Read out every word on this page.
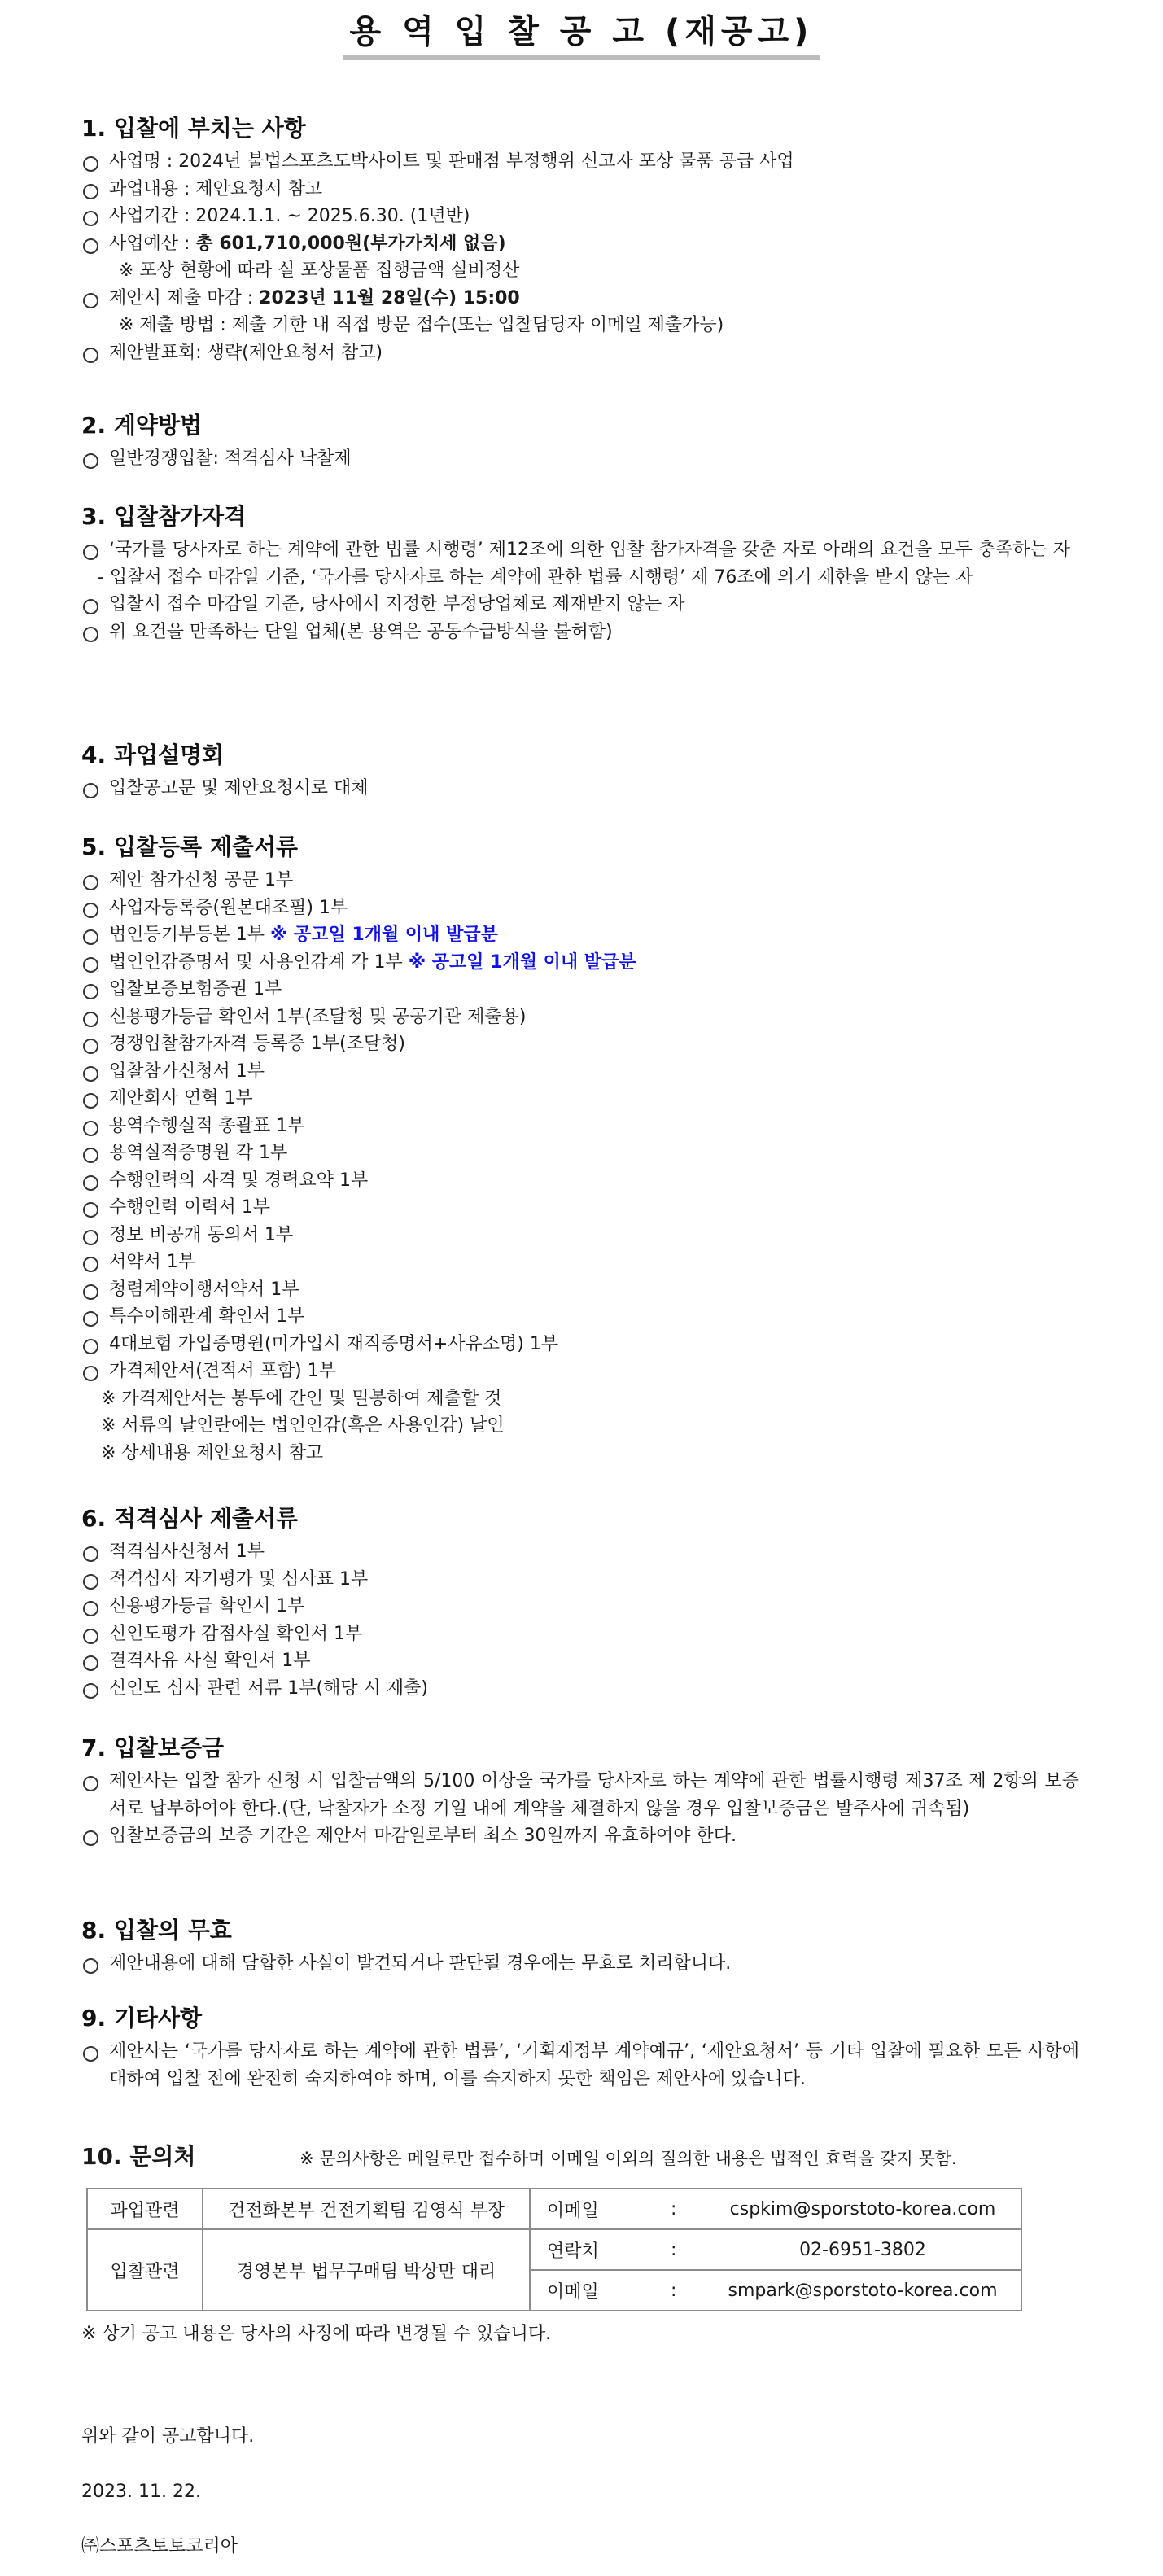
용 역 입 찰 공 고 (재공고)
1. 입찰에 부치는 사항
사업명 : 2024년 불법스포츠도박사이트 및 판매점 부정행위 신고자 포상 물품 공급 사업
과업내용 : 제안요청서 참고
사업기간 : 2024.1.1. ~ 2025.6.30. (1년반)
사업예산 : 총 601,710,000원(부가가치세 없음)
※ 포상 현황에 따라 실 포상물품 집행금액 실비정산
제안서 제출 마감 : 2023년 11월 28일(수) 15:00
※ 제출 방법 : 제출 기한 내 직접 방문 접수(또는 입찰담당자 이메일 제출가능)
제안발표회: 생략(제안요청서 참고)
2. 계약방법
일반경쟁입찰: 적격심사 낙찰제
3. 입찰참가자격
‘국가를 당사자로 하는 계약에 관한 법률 시행령’ 제12조에 의한 입찰 참가자격을 갖춘 자로 아래의 요건을 모두 충족하는 자
- 입찰서 접수 마감일 기준, ‘국가를 당사자로 하는 계약에 관한 법률 시행령’ 제 76조에 의거 제한을 받지 않는 자
입찰서 접수 마감일 기준, 당사에서 지정한 부정당업체로 제재받지 않는 자
위 요건을 만족하는 단일 업체(본 용역은 공동수급방식을 불허함)
4. 과업설명회
입찰공고문 및 제안요청서로 대체
5. 입찰등록 제출서류
제안 참가신청 공문 1부
사업자등록증(원본대조필) 1부
법인등기부등본 1부 ※ 공고일 1개월 이내 발급분
법인인감증명서 및 사용인감계 각 1부 ※ 공고일 1개월 이내 발급분
입찰보증보험증권 1부
신용평가등급 확인서 1부(조달청 및 공공기관 제출용)
경쟁입찰참가자격 등록증 1부(조달청)
입찰참가신청서 1부
제안회사 연혁 1부
용역수행실적 총괄표 1부
용역실적증명원 각 1부
수행인력의 자격 및 경력요약 1부
수행인력 이력서 1부
정보 비공개 동의서 1부
서약서 1부
청렴계약이행서약서 1부
특수이해관계 확인서 1부
4대보험 가입증명원(미가입시 재직증명서+사유소명) 1부
가격제안서(견적서 포함) 1부
※ 가격제안서는 봉투에 간인 및 밀봉하여 제출할 것
※ 서류의 날인란에는 법인인감(혹은 사용인감) 날인
※ 상세내용 제안요청서 참고
6. 적격심사 제출서류
적격심사신청서 1부
적격심사 자기평가 및 심사표 1부
신용평가등급 확인서 1부
신인도평가 감점사실 확인서 1부
결격사유 사실 확인서 1부
신인도 심사 관련 서류 1부(해당 시 제출)
7. 입찰보증금
제안사는 입찰 참가 신청 시 입찰금액의 5/100 이상을 국가를 당사자로 하는 계약에 관한 법률시행령 제37조 제 2항의 보증서로 납부하여야 한다.(단, 낙찰자가 소정 기일 내에 계약을 체결하지 않을 경우 입찰보증금은 발주사에 귀속됨)
입찰보증금의 보증 기간은 제안서 마감일로부터 최소 30일까지 유효하여야 한다.
8. 입찰의 무효
제안내용에 대해 담합한 사실이 발견되거나 판단될 경우에는 무효로 처리합니다.
9. 기타사항
제안사는 ‘국가를 당사자로 하는 계약에 관한 법률’, ‘기획재정부 계약예규’, ‘제안요청서’ 등 기타 입찰에 필요한 모든 사항에 대하여 입찰 전에 완전히 숙지하여야 하며, 이를 숙지하지 못한 책임은 제안사에 있습니다.
10. 문의처	※ 문의사항은 메일로만 접수하며 이메일 이외의 질의한 내용은 법적인 효력을 갖지 못함.
과업관련	건전화본부 건전기획팀 김영석 부장	이메일	:	cspkim@sporstoto-korea.com
입찰관련	경영본부 법무구매팀 박상만 대리	연락처	:	02-6951-3802
		이메일	:	smpark@sporstoto-korea.com
※ 상기 공고 내용은 당사의 사정에 따라 변경될 수 있습니다.
위와 같이 공고합니다.
2023. 11. 22.
㈜스포츠토토코리아
